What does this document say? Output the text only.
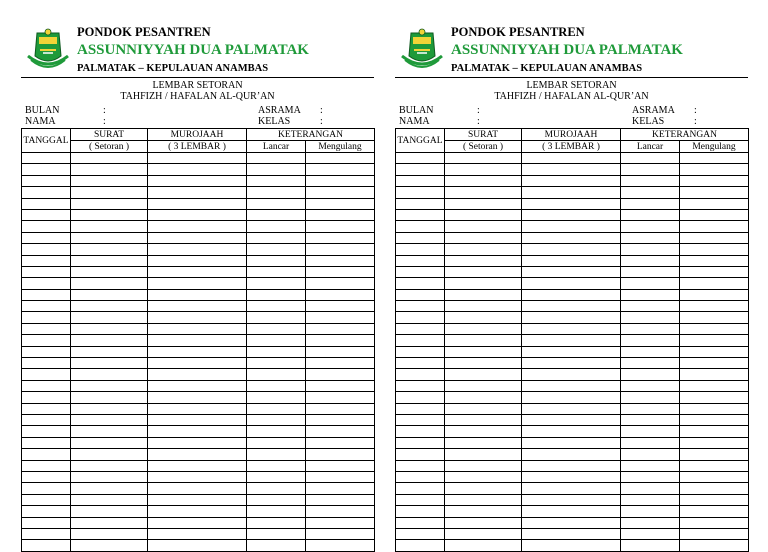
PONDOK PESANTREN
ASSUNNIYYAH DUA PALMATAK
PALMATAK – KEPULAUAN ANAMBAS
LEMBAR SETORAN
TAHFIZH / HAFALAN AL-QUR’AN
BULAN	:
NAMA	:
ASRAMA :
KELAS	:
TANGGAL	SURAT	MUROJAAH	KETERANGAN	
	( Setoran )	( 3 LEMBAR )	Lancar	Mengulang

PONDOK PESANTREN
ASSUNNIYYAH DUA PALMATAK
PALMATAK – KEPULAUAN ANAMBAS
LEMBAR SETORAN
TAHFIZH / HAFALAN AL-QUR’AN
BULAN	:
NAMA	:
ASRAMA :
KELAS	:
TANGGAL	SURAT	MUROJAAH	KETERANGAN	
	( Setoran )	( 3 LEMBAR )	Lancar	Mengulang
